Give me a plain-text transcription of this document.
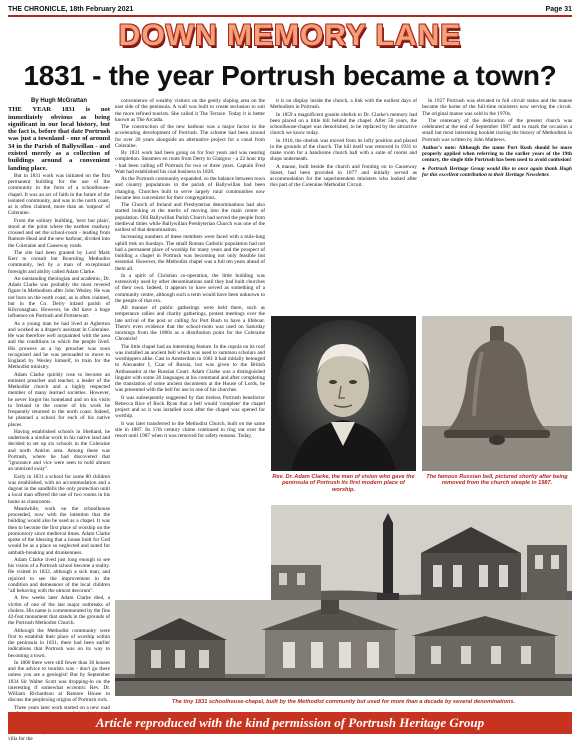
THE CHRONICLE, 18th February 2021	Page 31
DOWN MEMORY LANE
1831 - the year Portrush became a town?
By Hugh McGrattan

THE YEAR 1831 is not immediately obvious as being significant in our local history, but the fact is, before that date Portrush was just a townland - one of around 34 in the Parish of Ballywillan - and existed merely as a collection of buildings around a convenient landing place.

But in 1831 work was initiated on the first permanent building for the use of the community in the form of a schoolhouse-chapel. It was an act of faith in the future of the isolated community, and was in the north coast, as is often claimed, more than an 'outpost' of Coleraine.

From the solitary building, 'next but plain', stood at the point where the earthen roadway crossed and set the school-room - leading from Ramore Head and the new harbour, divided into the Coleraine and Causeway roads.

The site had been granted by Lord Mark Kerr to consult but Bournling Methodist community, led by a man of exceptional foresight and ability called Adam Clarke.

An outstanding theologian and academic, Dr. Adam Clarke was probably the most revered figure in Methodism after John Wesley. He was not born on the north coast, as is often claimed, but in the Co. Derry inland parish of Kilcronaghan. However, he did have a huge influence on Portrush and Portstewart.

As a young man he had lived at Agherton and worked as a draper's assistant in Coleraine. He was therefore well acquainted with the area and the conditions in which the people lived. His prowess as a lay preacher was soon recognised and he was persuaded to move to England by Wesley himself, to train for the Methodist ministry.

Adam Clarke quickly rose to become an eminent preacher and teacher, a leader of the Methodist church and a highly respected member of many learned societies. However, he never forgot his homeland and on his visits to Ireland in the course of his work he frequently returned to the north coast. Indeed, he planned a school for each of his native places.

Having established schools in Shetland, he undertook a similar work in his native land and decided to set up six schools in the Coleraine and north Antrim area. Among these was Portrush, where he had discovered that "ignorance and vice were seen to hold almost an unmixed sway".

Early in 1831 a school for some 80 children was established, with no accommodation and a dugout in the sandhills the only protection until a local man offered the use of two rooms in his home as classrooms.

Meanwhile, work on the schoolhouse proceeded, now with the intention that the building would also be used as a chapel. It was then to become the first place of worship on the promontory since medieval times. Adam Clarke spoke of the blessing that a house built for God would be as a place so neglected and noted for sabbath-breaking and drunkenness.

Adam Clarke lived just long enough to see his vision of a Portrush school become a reality. He visited in 1832, although a sick man, and rejoiced to see the improvement in the condition and demeanour of the local children "all behaving with the utmost decorum".

A few weeks later Adam Clarke died, a victim of one of the last major outbreaks of cholera. His name is commemorated by the fine 42-foot monument that stands in the grounds of the Portrush Methodist Church.

Although the Methodist community were first to establish their place of worship within the peninsula in 1831, there had been earlier indications that Portrush was on its way to becoming a town.

In 1800 there were still fewer than 30 houses and the advice to tourists was - don't go there unless you are a geologist! But by September 1834 Sir Walter Scott was dropping-in on the interesting if somewhat eccentric Rev. Dr. William Richardson at Ramore House to discuss the perplexing origins of Portrush rock.

Three years later work started on a new road villa for the

convenience of wealthy visitors on the gently sloping area on the east side of the peninsula. A wall was built to create seclusion to suit the more refined tourists. She called it The Terrace. Today it is better known as The Arcadia.

The construction of the new harbour was a major factor in the accelerating development of Portrush. The scheme had been around for over 20 years alongside an alternative project for a canal from Coleraine.

By 1831 work had been going on for four years and was nearing completion. Steamers en route from Derry to Glasgow - a 22 hour trip - had been calling off Portrush for two or three years. Captain Fred Watt had established his coal business in 1828.

As the Portrush community expanded, so the balance between town and country populations in the parish of Ballywillan had been changing. Churches built to serve largely rural communities now became less convenient for their congregations.

The Church of Ireland and Presbyterian denominations had also started looking at the merits of moving into the main centre of population. Old Ballywillan Parish Church had served the people from medieval times while Ballywillan Presbyterian Church was one of the earliest of that denomination.

Increasing numbers of these members were faced with a mile-long uphill trek on Sundays. The small Roman Catholic population had not had a permanent place of worship for many years and the prospect of building a chapel in Portrush was becoming not only feasible but essential. However, the Methodist chapel was a full ten years ahead of them all.

In a spirit of Christian co-operation, the little building was extensively used by other denominations until they had built churches of their own. Indeed, it appears to have served as something of a community centre, although such a term would have been unknown to the people of that era.

All manner of public gatherings were held there, such as temperance rallies and charity gatherings, protest meetings over the late arrival of the post or calling for Port Rush to have a lifeboat. There's even evidence that the school-room was used on Saturday mornings from the 1860s as a distribution point for the Coleraine Chronicle!

The little chapel had an interesting feature. In the cupola on its roof was installed an ancient bell which was used to summon scholars and worshippers alike. Cast in Amsterdam in 1681 it had initially belonged to Alexander I, Czar of Russia, but was given to the British Ambassador at the Russian Court. Adam Clarke was a distinguished linguist with some 20 languages at his command and after completing the translation of some ancient documents at the House of Lords, he was presented with the bell for use in one of his churches.

It was subsequently suggested by that tireless Portrush benefactor Rebecca Rice of Rock Ryan that a bell would 'complete' the chapel project and so it was installed soon after the chapel was opened for worship.

It was later transferred to the Methodist Church, built on the same site in 1887. Its 17th century chime continued to ring out over the resort until 1987 when it was removed for safety reasons. Today,

it is on display inside the church, a link with the earliest days of Methodism in Portrush.

In 1859 a magnificent granite obelisk to Dr. Clarke's memory had been placed on a little hill behind the chapel. After 50 years, the schoolhouse-chapel was demolished, to be replaced by the attractive church we know today.

In 1910, the obelisk was moved from its lofty position and placed in the grounds of the church. The hill itself was removed in 1931 to make room for a handsome church hall with a suite of rooms and shops underneath.

A manse, built beside the church and fronting on to Causeway Street, had been provided in 1877 and initially served as accommodation for the superintendent ministers who looked after this part of the Coleraine Methodist Circuit.

In 1927 Portrush was elevated to full circuit status and the manse became the home of the full-time ministers now serving the circuit. The original manse was sold in the 1970s.

The centenary of the dedication of the present church was celebrated at the end of September 1987 and to mark the occasion a small but most interesting booklet tracing the history of Methodism in Portrush was written by John Mathews.

Author's note: Although the name Port Rush should be more properly applied when referring to the earlier years of the 19th century, the single title Portrush has been used to avoid confusion!

● Portrush Heritage Group would like to once again thank Hugh for this excellent contribution to their Heritage Newsletter.

Rev. Dr. Adam Clarke, the man of vision who gave the peninsula of Portrush its first modern place of worship.
The famous Russian bell, pictured shortly after being removed from the church steeple in 1987.
The tiny 1831 schoolhouse-chapel, built by the Methodist community but used for more than a decade by several denominations.
Article reproduced with the kind permission of Portrush Heritage Group
